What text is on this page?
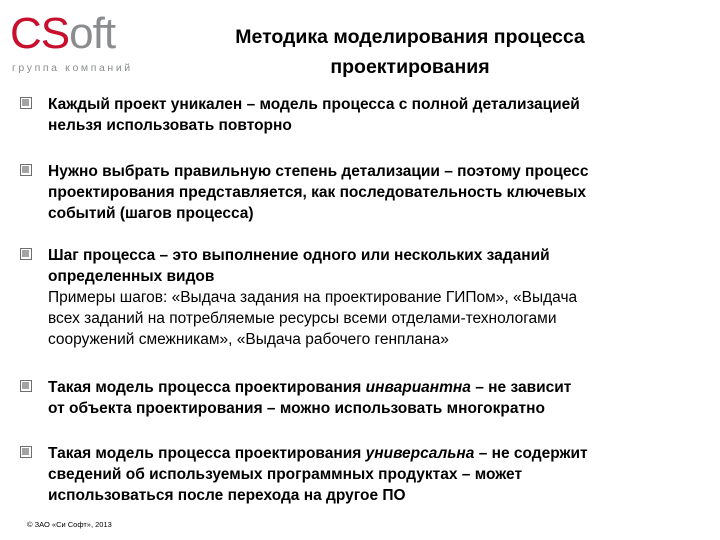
CSoft
группа компаний
Методика моделирования процесса
проектирования
Каждый проект уникален – модель процесса с полной детализацией
нельзя использовать повторно
Нужно выбрать правильную степень детализации – поэтому процесс
проектирования представляется, как последовательность ключевых
событий (шагов процесса)
Шаг процесса – это выполнение одного или нескольких заданий
определенных видов
Примеры шагов: «Выдача задания на проектирование ГИПом», «Выдача
всех заданий на потребляемые ресурсы всеми отделами-технологами
сооружений смежникам», «Выдача рабочего генплана»
Такая модель процесса проектирования инвариантна – не зависит
от объекта проектирования – можно использовать многократно
Такая модель процесса проектирования универсальна – не содержит
сведений об используемых программных продуктах – может
использоваться после перехода на другое ПО
© ЗАО «Си Софт», 2013
